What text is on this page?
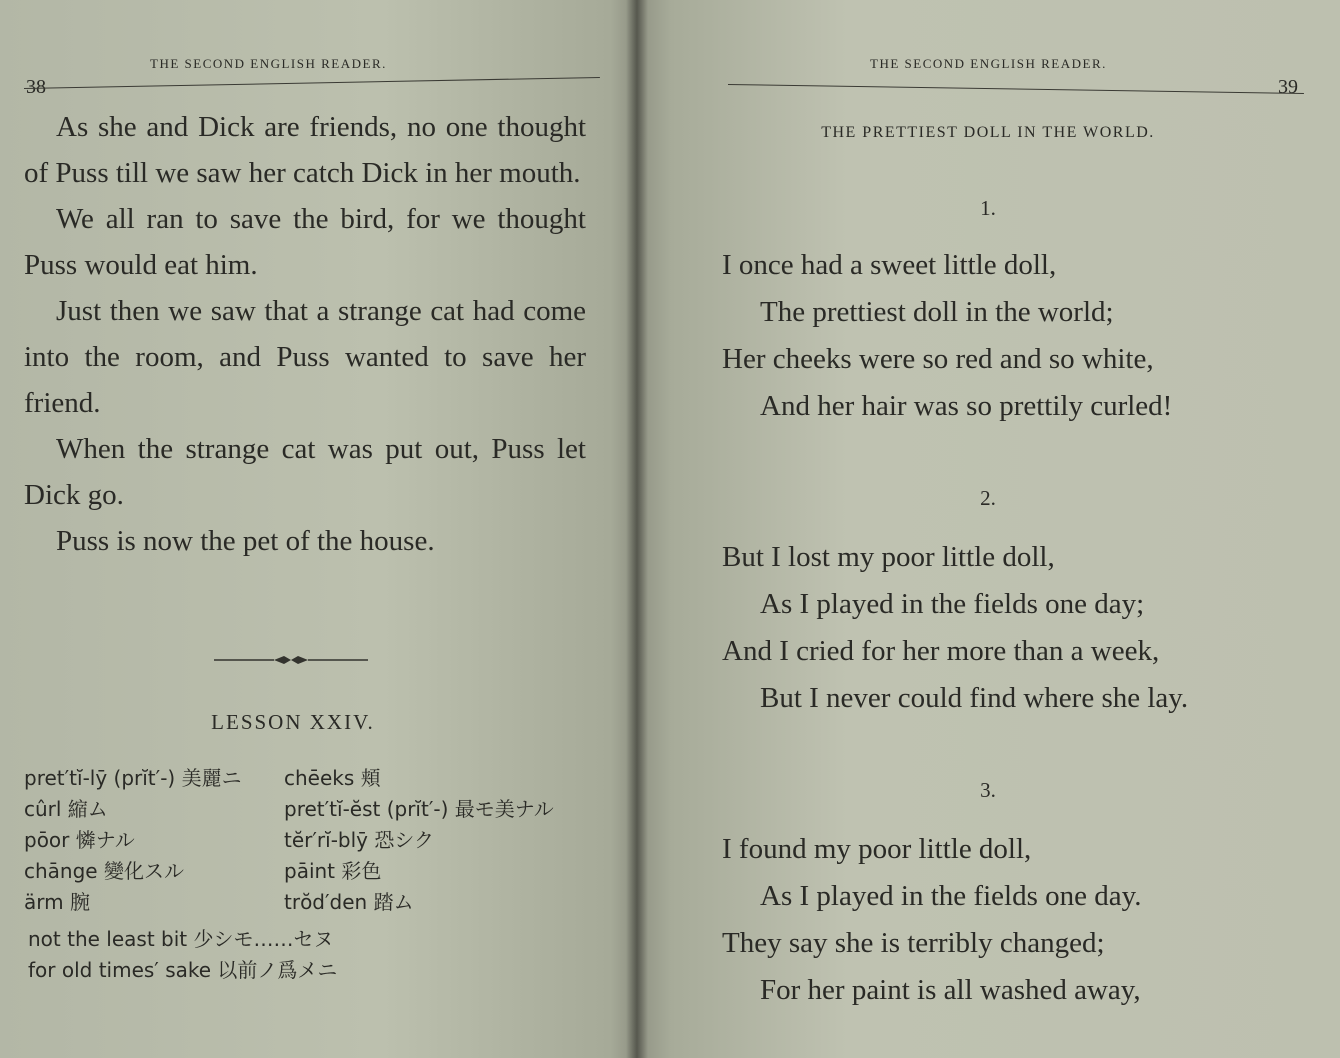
38
THE SECOND ENGLISH READER.

As she and Dick are friends, no one thought of Puss till we saw her catch Dick in her mouth.

We all ran to save the bird, for we thought Puss would eat him.

Just then we saw that a strange cat had come into the room, and Puss wanted to save her friend.

When the strange cat was put out, Puss let Dick go.

Puss is now the pet of the house.

LESSON XXIV.
pret′tĭ-lȳ (prĭt′-) 美麗ニ
cûrl 縮ム
pōor 憐ナル
chānge 變化スル
ärm 腕
chēeks 頬
pret′tĭ-ĕst (prĭt′-) 最モ美ナル
tĕr′rĭ-blȳ 恐シク
pāint 彩色
trŏd′den 踏ム
not the least bit 少シモ……セヌ
for old times′ sake 以前ノ爲メニ
THE SECOND ENGLISH READER.
39
THE PRETTIEST DOLL IN THE WORLD.
1.
I once had a sweet little doll,
The prettiest doll in the world;
Her cheeks were so red and so white,
And her hair was so prettily curled!
2.
But I lost my poor little doll,
As I played in the fields one day;
And I cried for her more than a week,
But I never could find where she lay.
3.
I found my poor little doll,
As I played in the fields one day.
They say she is terribly changed;
For her paint is all washed away,
